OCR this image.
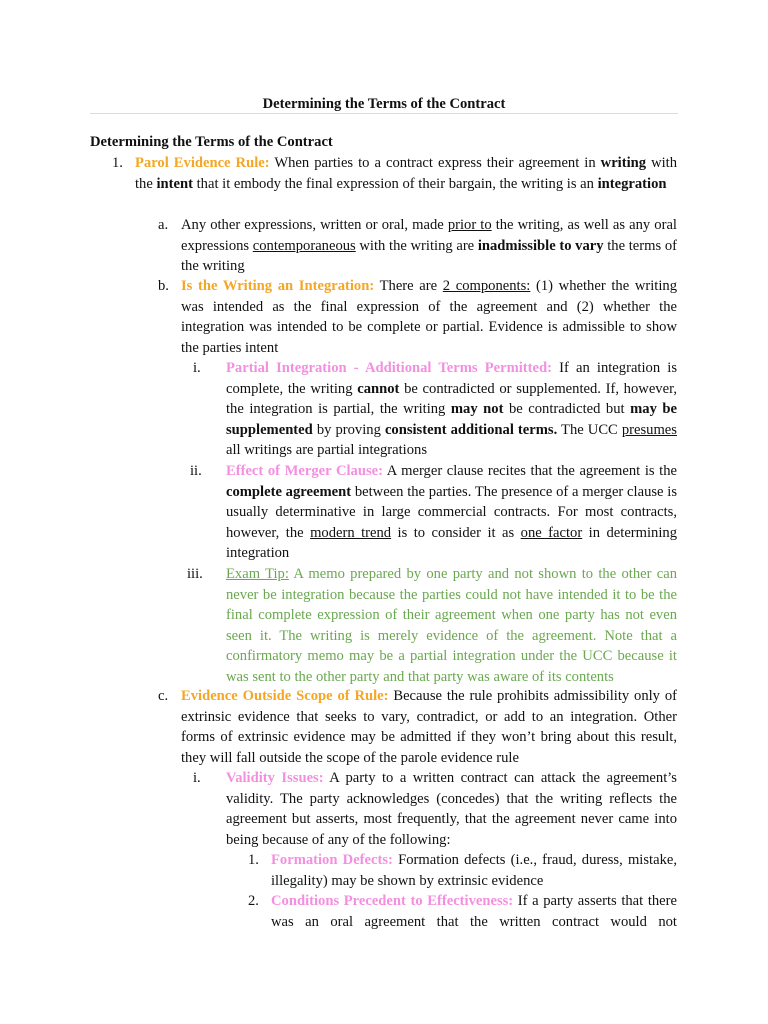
Determining the Terms of the Contract
Determining the Terms of the Contract
1. Parol Evidence Rule: When parties to a contract express their agreement in writing with the intent that it embody the final expression of their bargain, the writing is an integration
a. Any other expressions, written or oral, made prior to the writing, as well as any oral expressions contemporaneous with the writing are inadmissible to vary the terms of the writing
b. Is the Writing an Integration: There are 2 components: (1) whether the writing was intended as the final expression of the agreement and (2) whether the integration was intended to be complete or partial. Evidence is admissible to show the parties intent
i. Partial Integration - Additional Terms Permitted: If an integration is complete, the writing cannot be contradicted or supplemented. If, however, the integration is partial, the writing may not be contradicted but may be supplemented by proving consistent additional terms. The UCC presumes all writings are partial integrations
ii. Effect of Merger Clause: A merger clause recites that the agreement is the complete agreement between the parties. The presence of a merger clause is usually determinative in large commercial contracts. For most contracts, however, the modern trend is to consider it as one factor in determining integration
iii. Exam Tip: A memo prepared by one party and not shown to the other can never be integration because the parties could not have intended it to be the final complete expression of their agreement when one party has not even seen it. The writing is merely evidence of the agreement. Note that a confirmatory memo may be a partial integration under the UCC because it was sent to the other party and that party was aware of its contents
c. Evidence Outside Scope of Rule: Because the rule prohibits admissibility only of extrinsic evidence that seeks to vary, contradict, or add to an integration. Other forms of extrinsic evidence may be admitted if they won’t bring about this result, they will fall outside the scope of the parole evidence rule
i. Validity Issues: A party to a written contract can attack the agreement’s validity. The party acknowledges (concedes) that the writing reflects the agreement but asserts, most frequently, that the agreement never came into being because of any of the following:
1. Formation Defects: Formation defects (i.e., fraud, duress, mistake, illegality) may be shown by extrinsic evidence
2. Conditions Precedent to Effectiveness: If a party asserts that there was an oral agreement that the written contract would not
